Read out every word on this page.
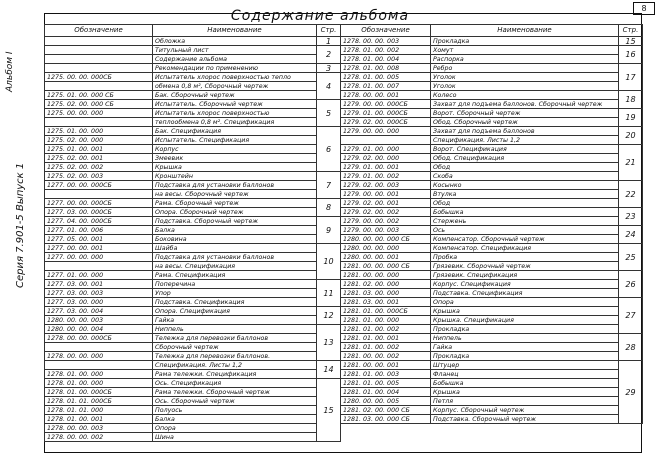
Альбом I
Серия 7.901-5 Выпуск 1
8
Содержание альбома
Обозначение	Наименование	Стр.
	Обложка	1
	Титульный лист	2
	Содержание альбома	
	Рекомендации по применению	3
1275. 00. 00. 000СБ	Испытатель хлорос поверхностью тепло	4
	обмена 0,8 м², Сборочный чертеж	
1275. 01. 00. 000 СБ	Бак. Сборочный чертеж	
1275. 02. 00. 000 СБ	Испытатель. Сборочный чертеж	5
1275. 00. 00. 000	Испытатель хлорос поверхностью	
	теплообмена 0,8 м². Спецификация	
1275. 01. 00. 000	Бак. Спецификация	6
1275. 02. 00. 000	Испытатель. Спецификация	
1275. 01. 00. 001	Корпус	
1275. 02. 00. 001	Змеевик	
1275. 02. 00. 002	Крышка	
1275. 02. 00. 003	Кронштейн	7
1277. 00. 00. 000СБ	Подставка для установки баллонов	
	на весы. Сборочный чертеж	
1277. 00. 00. 000СБ	Рама. Сборочный чертеж	8
1277. 03. 00. 000СБ	Опора. Сборочный чертеж	
1277. 04. 00. 000СБ	Подставка. Сборочный чертеж	9
1277. 01. 00. 006	Балка	
1277. 05. 00. 001	Боковина	
1277. 00. 00. 001	Шайба	10
1277. 00. 00. 000	Подставка для установки баллонов	
	на весы. Спецификация	
1277. 01. 00. 000	Рама. Спецификация	
1277. 03. 00. 001	Поперечина	11
1277. 03. 00. 003	Упор	
1277. 03. 00. 000	Подставка. Спецификация	
1277. 03. 00. 004	Опора. Спецификация	12
1280. 00. 00. 003	Гайка	
1280. 00. 00. 004	Ниппель	13
1278. 00. 00. 000СБ	Тележка для перевозки баллонов	
	Сборочный чертеж	
1278. 00. 00. 000	Тележка для перевозки баллонов.	
	Спецификация. Листы 1,2	14
1278. 01. 00. 000	Рама тележки. Спецификация	
1278. 01. 00. 000	Ось. Спецификация	15
1278. 01. 00. 000СБ	Рама тележки. Сборочный чертеж	
1278. 01. 01. 000СБ	Ось. Сборочный чертеж	
1278. 01. 01. 000	Полуось	
1278. 01. 00. 001	Балка	
1278. 00. 00. 003	Опора	
1278. 00. 00. 002	Шина	
Обозначение	Наименование	Стр.
1278. 00. 00. 003	Прокладка	15
1278. 01. 00. 002	Хомут	16
1278. 01. 00. 004	Распорка	
1278. 01. 00. 008	Ребро	17
1278. 01. 00. 005	Уголок	
1278. 01. 00. 007	Уголок	
1278. 00. 00. 001	Колесо	18
1279. 00. 00. 000СБ	Захват для подъема баллонов. Сборочный чертеж	
1279. 01. 00. 000СБ	Ворот. Сборочный чертеж	19
1279. 02. 00. 000СБ	Обод. Сборочный чертеж	
1279. 00. 00. 000	Захват для подъема баллонов	20
	Спецификация. Листы 1,2	
1279. 01. 00. 000	Ворот. Спецификация	21
1279. 02. 00. 000	Обод. Спецификация	
1279. 01. 00. 001	Обод	
1279. 01. 00. 002	Скоба	
1279. 02. 00. 003	Косынко	22
1279. 00. 00. 001	Втулка	
1279. 02. 00. 001	Обод	
1279. 02. 00. 002	Бобышка	23
1279. 00. 00. 002	Стержень	
1279. 00. 00. 003	Ось	24
1280. 00. 00. 000 СБ	Компенсатор. Сборочный чертеж	
1280. 00. 00. 000	Компенсатор. Спецификация	25
1280. 00. 00. 001	Пробка	
1281. 00. 00. 000 СБ	Грязевик. Сборочный чертеж	
1281. 00. 00. 000	Грязевик. Спецификация	26
1281. 02. 00. 000	Корпус. Спецификация	
1281. 03. 00. 000	Подставка. Спецификация	
1281. 03. 00. 001	Опора	27
1281. 01. 00. 000СБ	Крышка	
1281. 01. 00. 000	Крышка. Спецификация	
1281. 01. 00. 002	Прокладка	
1281. 01. 00. 001	Ниппель	28
1281. 01. 00. 002	Гайка	
1281. 00. 00. 002	Прокладка	
1281. 00. 00. 001	Штуцер	29
1281. 01. 00. 003	Фланец	
1281. 01. 00. 005	Бобышка	
1281. 01. 00. 004	Крышка	
1280. 00. 00. 005	Петля	
1281. 02. 00. 000 СБ	Корпус. Сборочный чертеж	
1281. 03. 00. 000 СБ	Подставка. Сборочный чертеж	
